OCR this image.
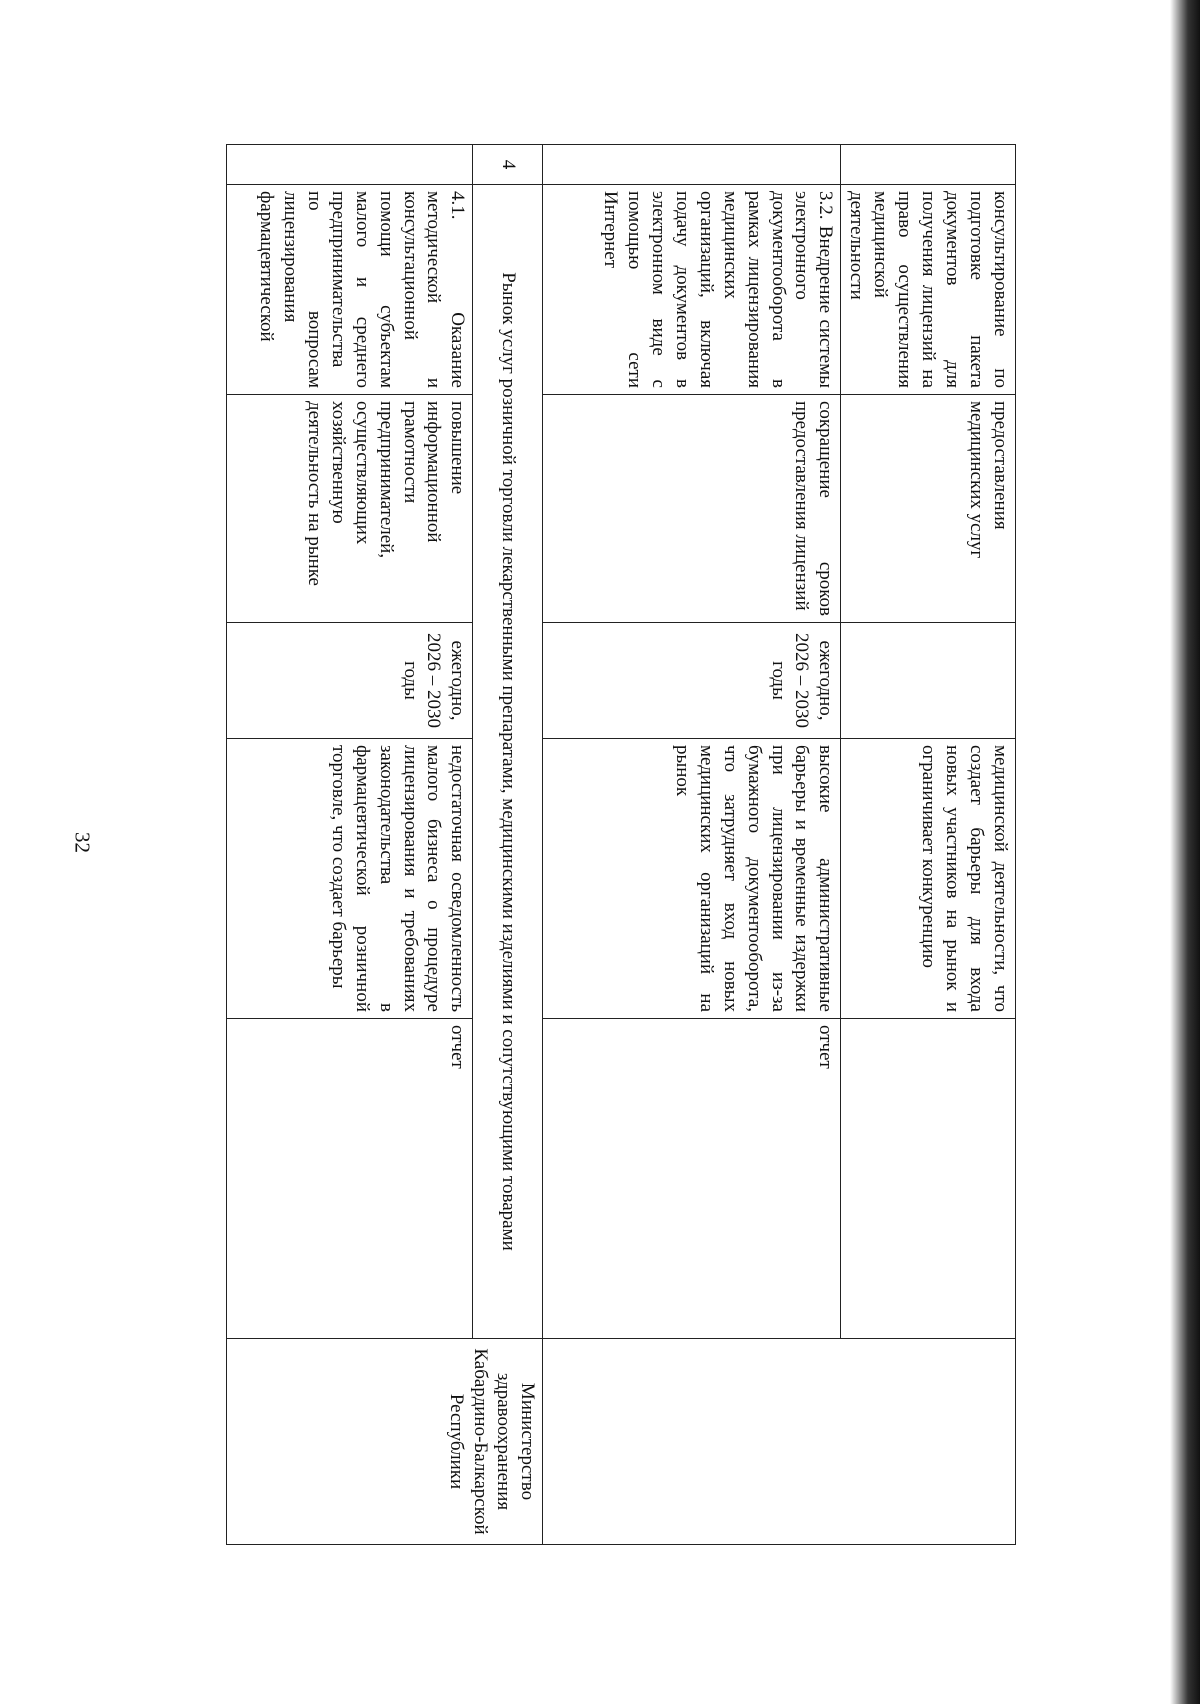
32
	консультирование по подготовке пакета документов для получения лицензий на право осуществления медицинской деятельности	предоставления медицинских услуг		медицинской деятельности, что создает барьеры для входа новых участников на рынок и ограничивает конкуренцию		
	3.2. Внедрение системы электронного документооборота в рамках лицензирования медицинских организаций, включая подачу документов в электронном виде с помощью сети Интернет	сокращение сроков предоставления лицензий	ежегодно, 2026 – 2030 годы	высокие административные барьеры и временные издержки при лицензировании из-за бумажного документооборота, что затрудняет вход новых медицинских организаций на рынок	отчет	
4	Рынок услуг розничной торговли лекарственными препаратами, медицинскими изделиями и сопутствующими товарами					Министерство здравоохранения Кабардино-Балкарской Республики
	4.1. Оказание методической и консультационной помощи субъектам малого и среднего предпринимательства по вопросам лицензирования фармацевтической	повышение информационной грамотности предпринимателей, осуществляющих хозяйственную деятельность на рынке	ежегодно, 2026 – 2030 годы	недостаточная осведомленность малого бизнеса о процедуре лицензирования и требованиях законодательства в фармацевтической розничной торговле, что создает барьеры	отчет	
